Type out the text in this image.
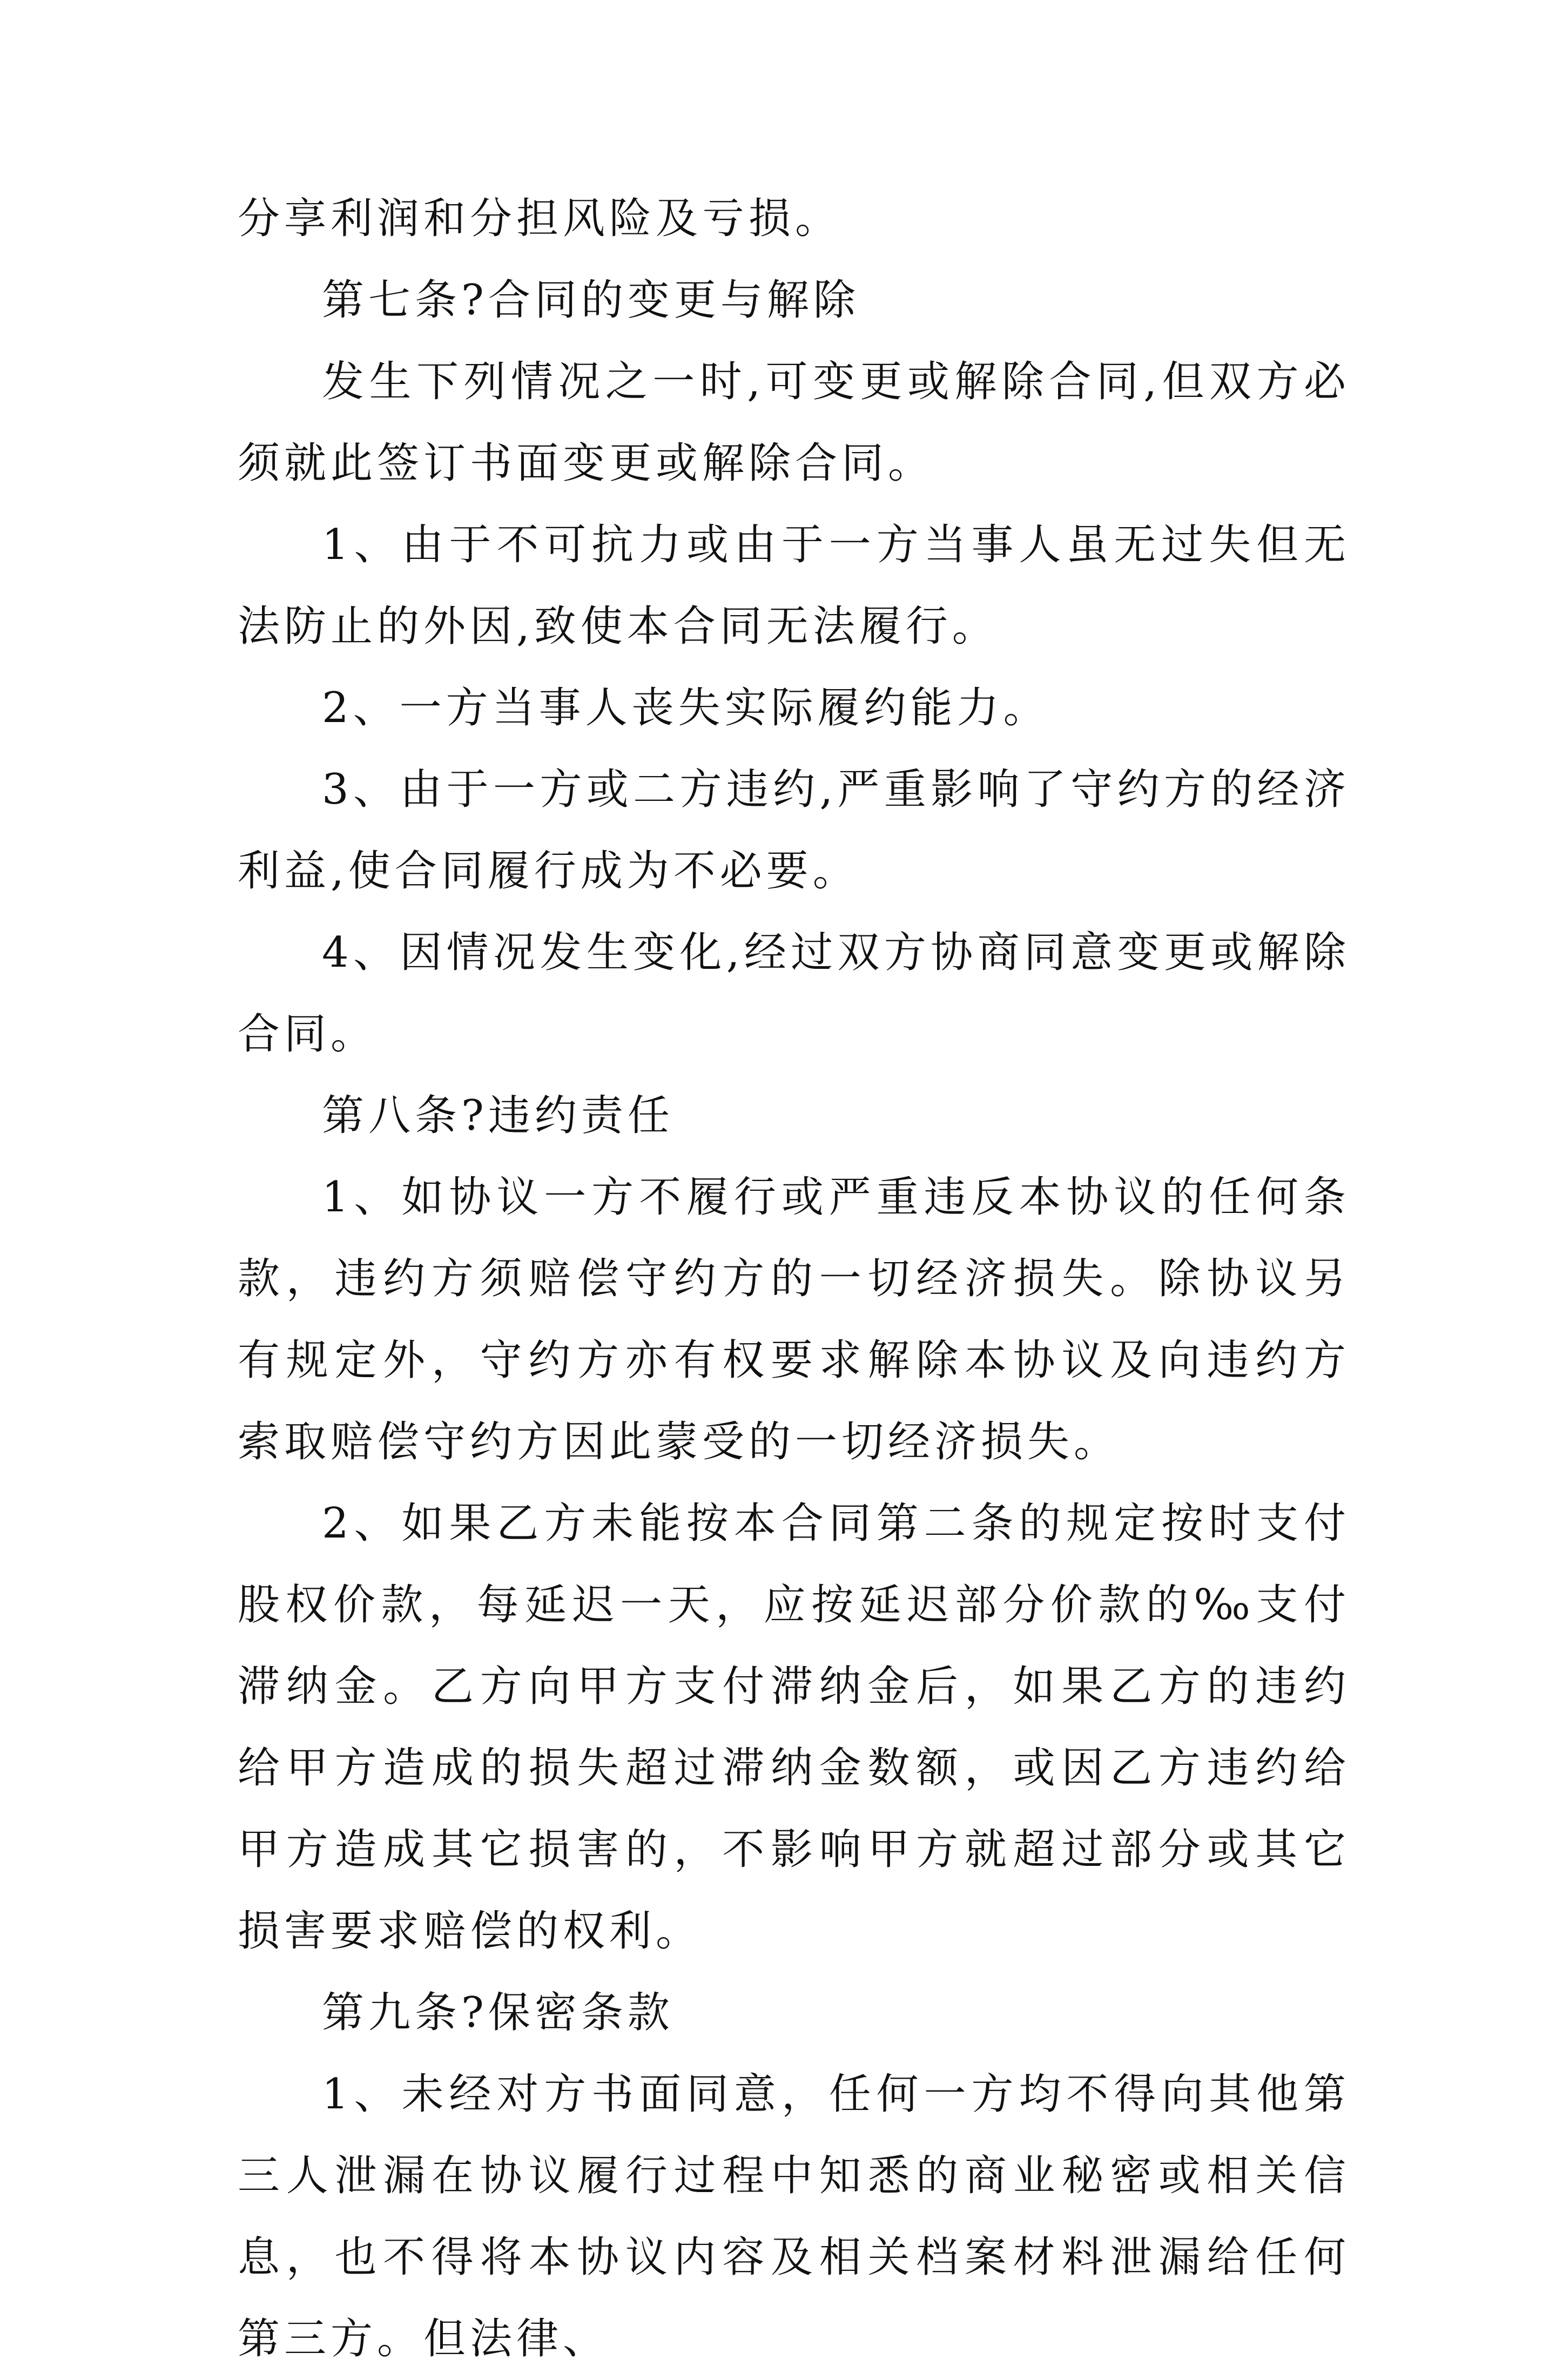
分享利润和分担风险及亏损。

第七条?合同的变更与解除

发生下列情况之一时,可变更或解除合同,但双方必须就此签订书面变更或解除合同。

1、由于不可抗力或由于一方当事人虽无过失但无法防止的外因,致使本合同无法履行。

2、一方当事人丧失实际履约能力。

3、由于一方或二方违约,严重影响了守约方的经济利益,使合同履行成为不必要。

4、因情况发生变化,经过双方协商同意变更或解除合同。

第八条?违约责任

1、如协议一方不履行或严重违反本协议的任何条款，违约方须赔偿守约方的一切经济损失。除协议另有规定外，守约方亦有权要求解除本协议及向违约方索取赔偿守约方因此蒙受的一切经济损失。

2、如果乙方未能按本合同第二条的规定按时支付股权价款，每延迟一天，应按延迟部分价款的‰支付滞纳金。乙方向甲方支付滞纳金后，如果乙方的违约给甲方造成的损失超过滞纳金数额，或因乙方违约给甲方造成其它损害的，不影响甲方就超过部分或其它损害要求赔偿的权利。

第九条?保密条款

1、未经对方书面同意，任何一方均不得向其他第三人泄漏在协议履行过程中知悉的商业秘密或相关信息，也不得将本协议内容及相关档案材料泄漏给任何第三方。但法律、
